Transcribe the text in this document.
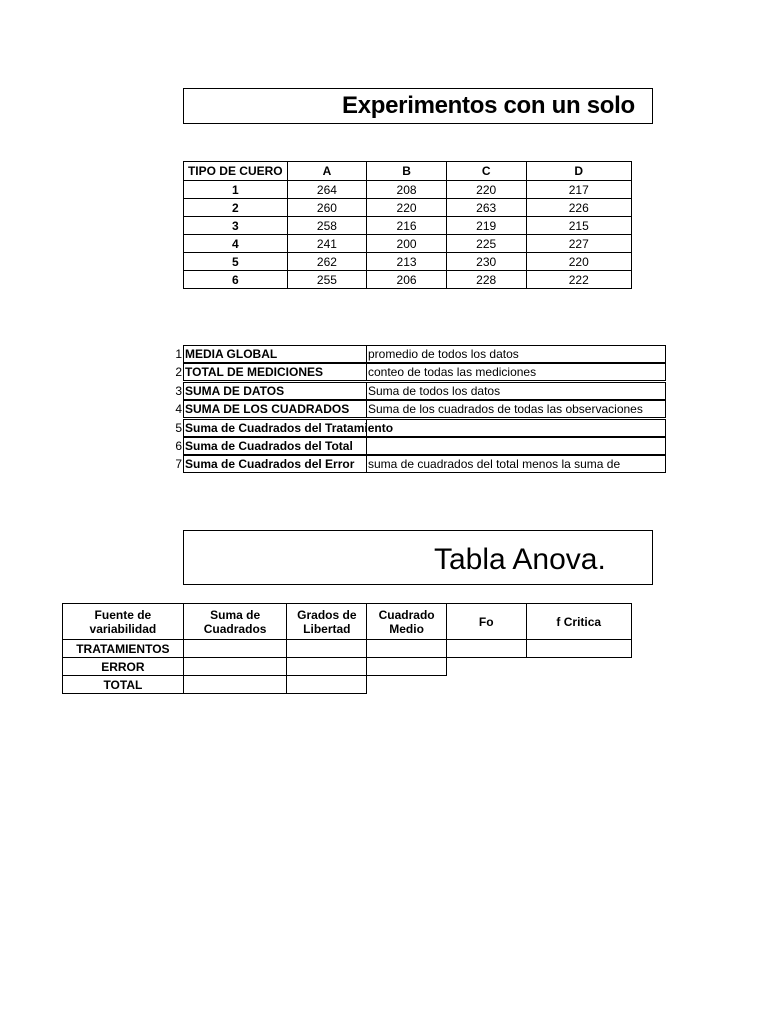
Experimentos con un solo
TIPO DE CUERO	A	B	C	D
1	264	208	220	217
2	260	220	263	226
3	258	216	219	215
4	241	200	225	227
5	262	213	230	220
6	255	206	228	222
1 MEDIA GLOBAL	promedio de todos los datos
2 TOTAL DE MEDICIONES	conteo de todas las mediciones
3 SUMA DE DATOS	Suma de todos los datos
4 SUMA DE LOS CUADRADOS	Suma de los cuadrados de todas las observaciones
5 Suma de Cuadrados del Tratamiento
6 Suma de Cuadrados del Total
7 Suma de Cuadrados del Error	suma de cuadrados del total menos la suma de
Tabla Anova.
Fuente de variabilidad	Suma de Cuadrados	Grados de Libertad	Cuadrado Medio	Fo	f Critica
TRATAMIENTOS					
ERROR					
TOTAL					
